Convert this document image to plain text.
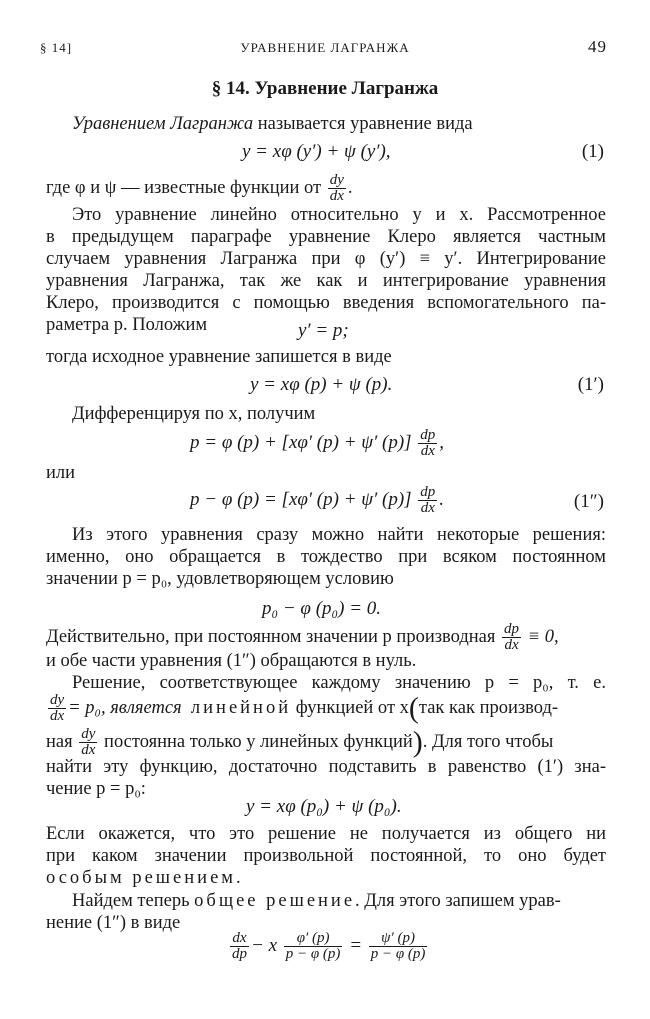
§ 14]	УРАВНЕНИЕ ЛАГРАНЖА	49
§ 14. Уравнение Лагранжа
Уравнением Лагранжа называется уравнение вида
y = xφ (y′) + ψ (y′),	(1)
где φ и ψ — известные функции от $\frac{dy}{dx}$ .
Это уравнение линейно относительно y и x. Рассмотренное
в предыдущем параграфе уравнение Клеро является частным
случаем уравнения Лагранжа при φ (y′) ≡ y′. Интегрирование
уравнения Лагранжа, так же как и интегрирование уравнения
Клеро, производится с помощью введения вспомогательного па-
раметра p. Положим	y′ = p;
тогда исходное уравнение запишется в виде
y = xφ (p) + ψ (p).	(1′)
Дифференцируя по x, получим
p = φ (p) + [xφ′ (p) + ψ′ $(p)] \frac{dp}{dx}$ ,
или
p − φ (p) = [xφ′ (p) + ψ′ $(p)] \frac{dp}{dx}$ .	(1″)
Из этого уравнения сразу можно найти некоторые решения:
именно, оно обращается в тождество при всяком постоянном
значении p = p₀, удовлетворяющем условию
p₀ − φ (p₀) = 0.
Действительно, при постоянном значении p производная $\frac{dp}{dx} \equiv 0$,
и обе части уравнения (1″) обращаются в нуль.
Решение, соответствующее каждому значению p = p₀, т. е.
$\frac{dy}{dx} = p_0$, является линейной функцией от x(так как производ-
ная $\frac{dy}{dx}$ постоянна только у линейных функций). Для того чтобы
найти эту функцию, достаточно подставить в равенство (1′) зна-
чение p = p₀:
y = xφ (p₀) + ψ (p₀).
Если окажется, что это решение не получается из общего ни
при каком значении произвольной постоянной, то оно будет
особым решением.
Найдем теперь общее решение. Для этого запишем урав-
нение (1″) в виде
$\frac{dx}{dp} - x \frac{\varphi' (p)}{p - \varphi (p)} = \frac{\psi' (p)}{p - \varphi (p)}$
